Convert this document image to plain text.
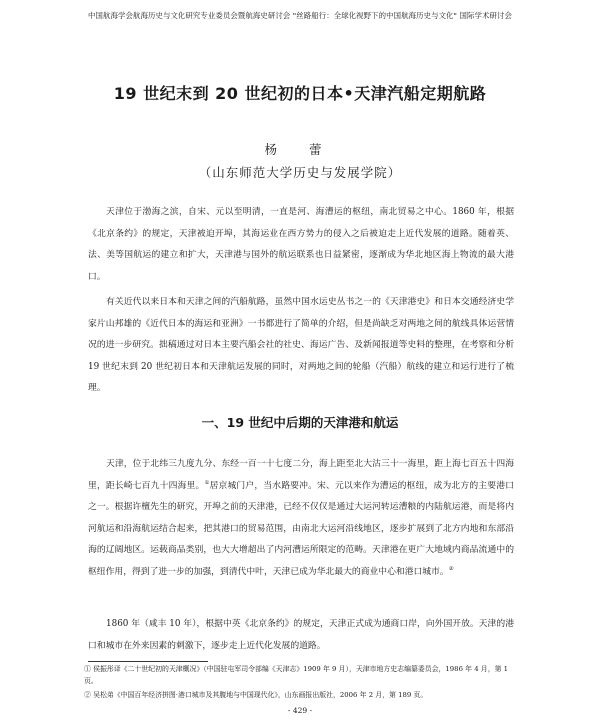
中国航海学会航海历史与文化研究专业委员会暨航海史研讨会 "丝路船行：全球化视野下的中国航海历史与文化" 国际学术研讨会
19 世纪末到 20 世纪初的日本•天津汽船定期航路
杨 蕾
（山东师范大学历史与发展学院）

天津位于渤海之滨，自宋、元以至明清，一直是河、海漕运的枢纽，南北贸易之中心。1860 年，根据《北京条约》的规定，天津被迫开埠，其海运业在西方势力的侵入之后被迫走上近代发展的道路。随着英、法、美等国航运的建立和扩大，天津港与国外的航运联系也日益紧密，逐渐成为华北地区海上物流的最大港口。

有关近代以来日本和天津之间的汽船航路，虽然中国水运史丛书之一的《天津港史》和日本交通经济史学家片山邦雄的《近代日本的海运和亚洲》一书都进行了简单的介绍，但是尚缺乏对两地之间的航线具体运营情况的进一步研究。拙稿通过对日本主要汽船会社的社史、海运广告、及新闻报道等史料的整理，在考察和分析 19 世纪末到 20 世纪初日本和天津航运发展的同时，对两地之间的轮船（汽船）航线的建立和运行进行了梳理。

一、19 世纪中后期的天津港和航运

天津，位于北纬三九度九分、东经一百一十七度二分，海上距至北大沽三十一海里，距上海七百五十四海里，距长崎七百九十四海里。①居京城门户，当水路要冲。宋、元以来作为漕运的枢纽，成为北方的主要港口之一。根据许檀先生的研究，开埠之前的天津港，已经不仅仅是通过大运河转运漕粮的内陆航运港，而是将内河航运和沿海航运结合起来，把其港口的贸易范围，由南北大运河沿线地区，逐步扩展到了北方内地和东部沿海的辽阔地区。运载商品类别，也大大增超出了内河漕运所限定的范畴。天津港在更广大地域内商品流通中的枢纽作用，得到了进一步的加强，到清代中叶，天津已成为华北最大的商业中心和港口城市。②

1860 年（咸丰 10 年），根据中英《北京条约》的规定，天津正式成为通商口岸，向外国开放。天津的港口和城市在外来因素的刺激下，逐步走上近代化发展的道路。

① 侯振彤译《二十世纪初的天津概况》（中国驻屯军司令部编《天津志》1909 年 9 月），天津市地方史志编纂委员会，1986 年 4 月，第 1 页。

② 吴松弟《中国百年经济拼图·港口城市及其腹地与中国现代化》，山东画报出版社，2006 年 2 月，第 189 页。

- 429 -
